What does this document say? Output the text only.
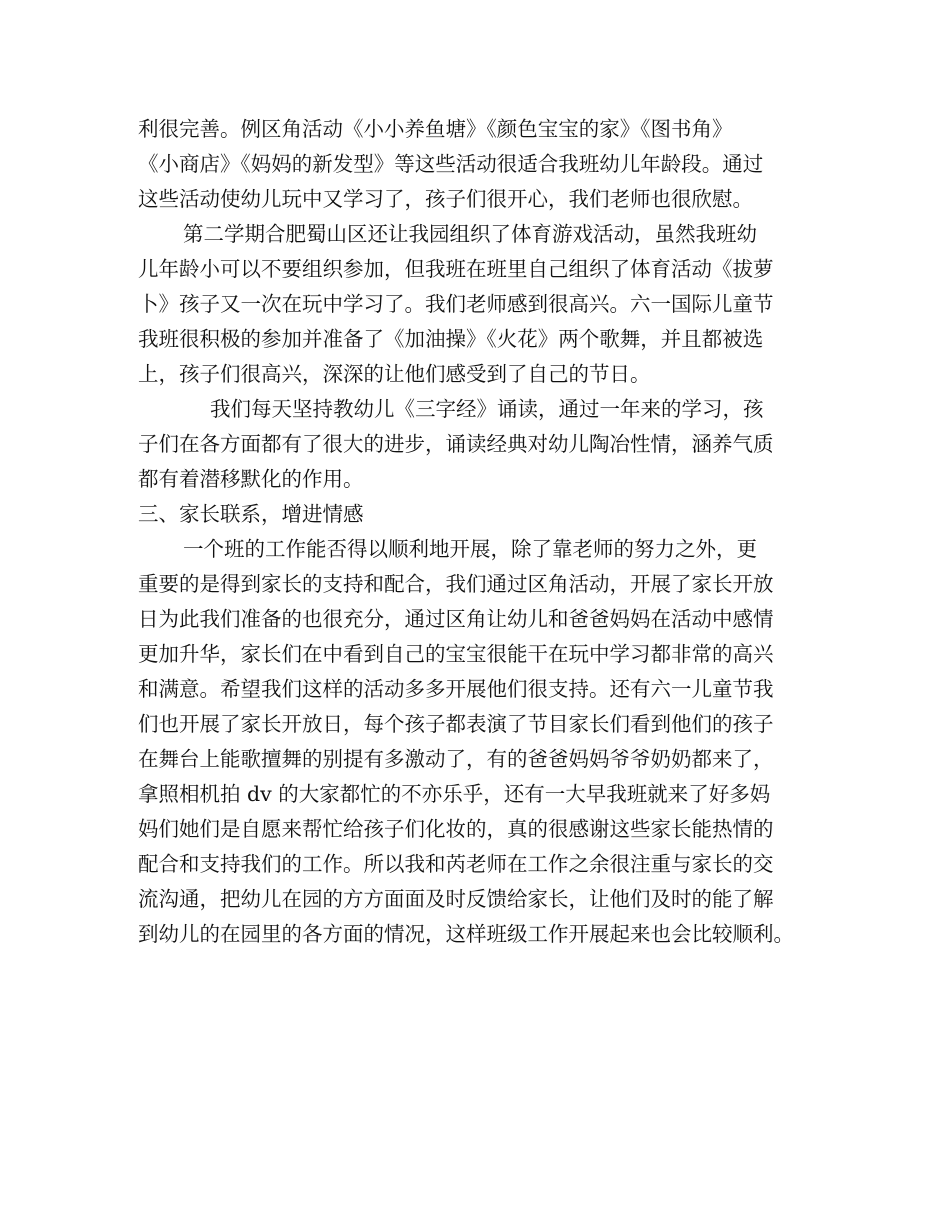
利很完善。例区角活动《小小养鱼塘》《颜色宝宝的家》《图书角》
《小商店》《妈妈的新发型》等这些活动很适合我班幼儿年龄段。通过
这些活动使幼儿玩中又学习了，孩子们很开心，我们老师也很欣慰。
第二学期合肥蜀山区还让我园组织了体育游戏活动，虽然我班幼
儿年龄小可以不要组织参加，但我班在班里自己组织了体育活动《拔萝
卜》孩子又一次在玩中学习了。我们老师感到很高兴。六一国际儿童节
我班很积极的参加并准备了《加油操》《火花》两个歌舞，并且都被选
上，孩子们很高兴，深深的让他们感受到了自己的节日。
我们每天坚持教幼儿《三字经》诵读，通过一年来的学习，孩
子们在各方面都有了很大的进步，诵读经典对幼儿陶冶性情，涵养气质
都有着潜移默化的作用。
三、家长联系，增进情感
一个班的工作能否得以顺利地开展，除了靠老师的努力之外，更
重要的是得到家长的支持和配合，我们通过区角活动，开展了家长开放
日为此我们准备的也很充分，通过区角让幼儿和爸爸妈妈在活动中感情
更加升华，家长们在中看到自己的宝宝很能干在玩中学习都非常的高兴
和满意。希望我们这样的活动多多开展他们很支持。还有六一儿童节我
们也开展了家长开放日，每个孩子都表演了节目家长们看到他们的孩子
在舞台上能歌擅舞的别提有多激动了，有的爸爸妈妈爷爷奶奶都来了，
拿照相机拍 dv 的大家都忙的不亦乐乎，还有一大早我班就来了好多妈
妈们她们是自愿来帮忙给孩子们化妆的，真的很感谢这些家长能热情的
配合和支持我们的工作。所以我和芮老师在工作之余很注重与家长的交
流沟通，把幼儿在园的方方面面及时反馈给家长，让他们及时的能了解
到幼儿的在园里的各方面的情况，这样班级工作开展起来也会比较顺利。
